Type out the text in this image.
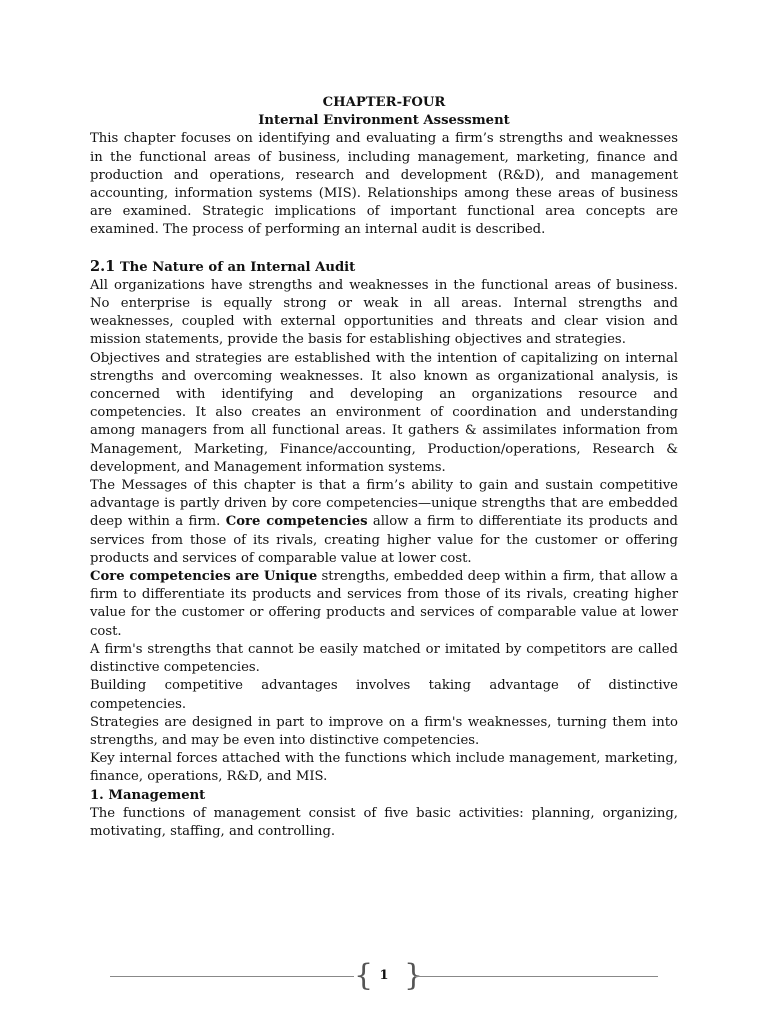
CHAPTER-FOUR
Internal Environment Assessment

This chapter focuses on identifying and evaluating a firm’s strengths and weaknesses in the functional areas of business, including management, marketing, finance and production and operations, research and development (R&D), and management accounting, information systems (MIS). Relationships among these areas of business are examined. Strategic implications of important functional area concepts are examined. The process of performing an internal audit is described.

2.1 The Nature of an Internal Audit

All organizations have strengths and weaknesses in the functional areas of business. No enterprise is equally strong or weak in all areas. Internal strengths and weaknesses, coupled with external opportunities and threats and clear vision and mission statements, provide the basis for establishing objectives and strategies.

Objectives and strategies are established with the intention of capitalizing on internal strengths and overcoming weaknesses. It also known as organizational analysis, is concerned with identifying and developing an organizations resource and competencies. It also creates an environment of coordination and understanding among managers from all functional areas. It gathers & assimilates information from Management, Marketing, Finance/accounting, Production/operations, Research & development, and Management information systems.

The Messages of this chapter is that a firm’s ability to gain and sustain competitive advantage is partly driven by core competencies—unique strengths that are embedded deep within a firm. Core competencies allow a firm to differentiate its products and services from those of its rivals, creating higher value for the customer or offering products and services of comparable value at lower cost.

Core competencies are Unique strengths, embedded deep within a firm, that allow a firm to differentiate its products and services from those of its rivals, creating higher value for the customer or offering products and services of comparable value at lower cost.

A firm's strengths that cannot be easily matched or imitated by competitors are called distinctive competencies.

Building competitive advantages involves taking advantage of distinctive competencies.

Strategies are designed in part to improve on a firm's weaknesses, turning them into strengths, and may be even into distinctive competencies.

Key internal forces attached with the functions which include management, marketing, finance, operations, R&D, and MIS.

1. Management

The functions of management consist of five basic activities: planning, organizing, motivating, staffing, and controlling.

{ 1 }
